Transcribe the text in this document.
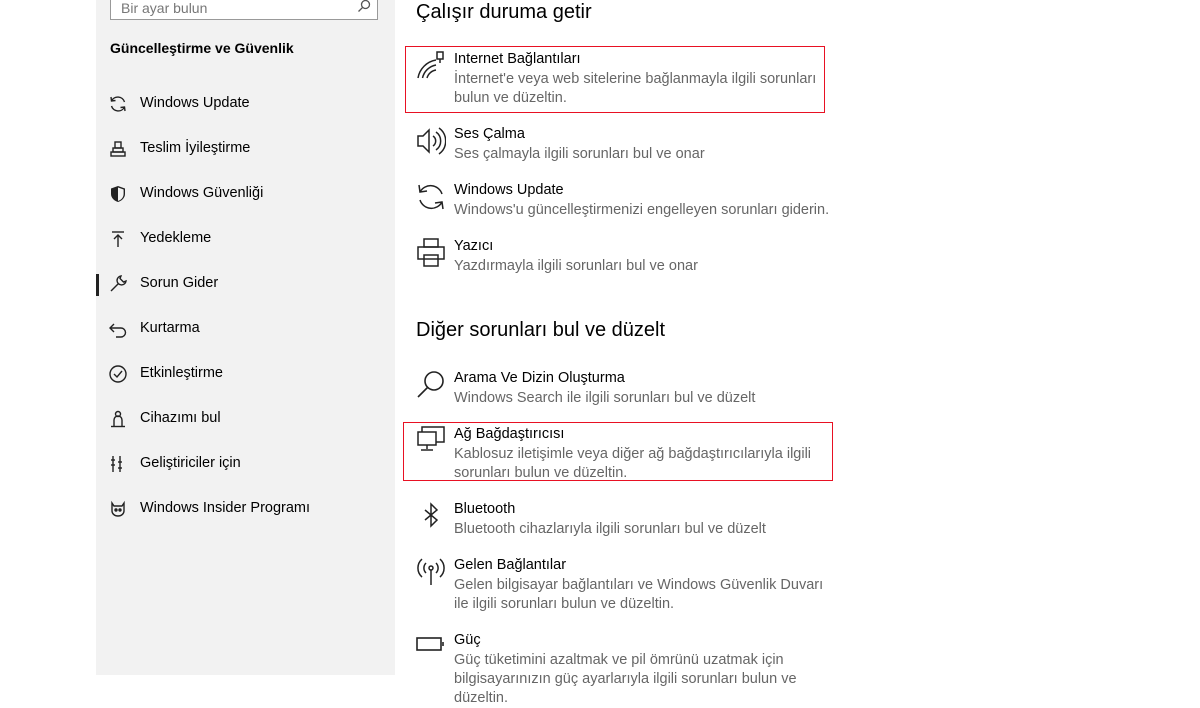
Bir ayar bulun
Güncelleştirme ve Güvenlik
Windows Update
Teslim İyileştirme
Windows Güvenliği
Yedekleme
Sorun Gider
Kurtarma
Etkinleştirme
Cihazımı bul
Geliştiriciler için
Windows Insider Programı
Çalışır duruma getir
Internet Bağlantıları
İnternet'e veya web sitelerine bağlanmayla ilgili sorunları bulun ve düzeltin.
Ses Çalma
Ses çalmayla ilgili sorunları bul ve onar
Windows Update
Windows'u güncelleştirmenizi engelleyen sorunları giderin.
Yazıcı
Yazdırmayla ilgili sorunları bul ve onar
Diğer sorunları bul ve düzelt
Arama Ve Dizin Oluşturma
Windows Search ile ilgili sorunları bul ve düzelt
Ağ Bağdaştırıcısı
Kablosuz iletişimle veya diğer ağ bağdaştırıcılarıyla ilgili sorunları bulun ve düzeltin.
Bluetooth
Bluetooth cihazlarıyla ilgili sorunları bul ve düzelt
Gelen Bağlantılar
Gelen bilgisayar bağlantıları ve Windows Güvenlik Duvarı ile ilgili sorunları bulun ve düzeltin.
Güç
Güç tüketimini azaltmak ve pil ömrünü uzatmak için bilgisayarınızın güç ayarlarıyla ilgili sorunları bulun ve düzeltin.
